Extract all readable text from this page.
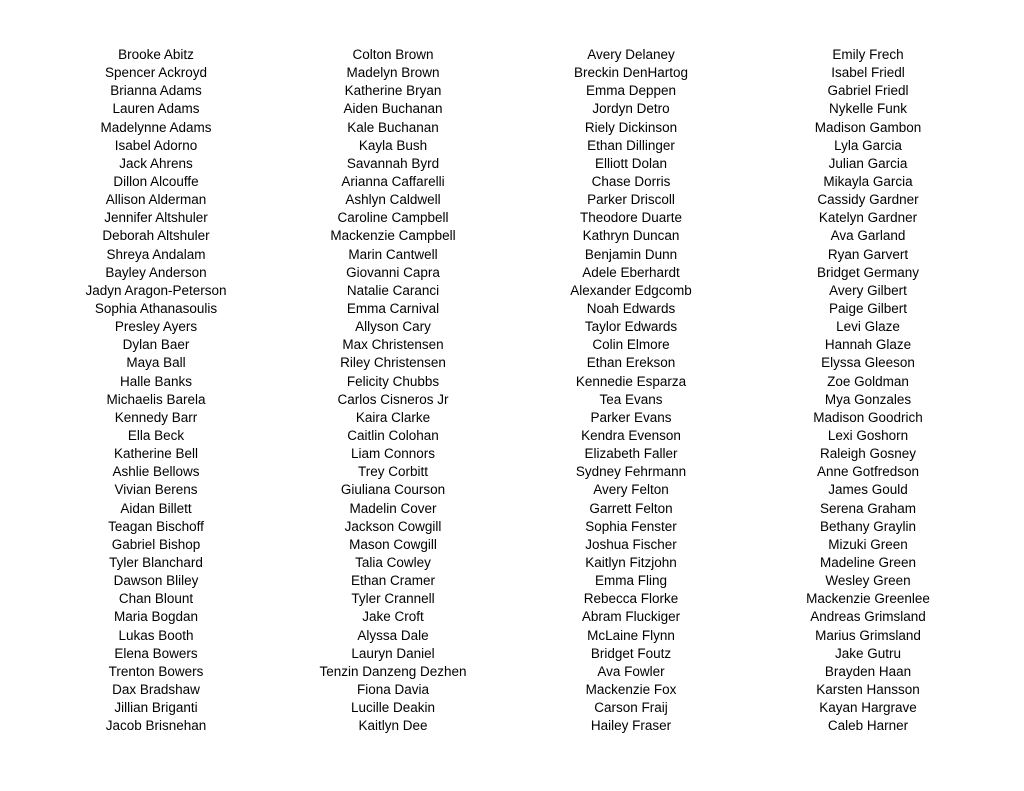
Brooke Abitz
Spencer Ackroyd
Brianna Adams
Lauren Adams
Madelynne Adams
Isabel Adorno
Jack Ahrens
Dillon Alcouffe
Allison Alderman
Jennifer Altshuler
Deborah Altshuler
Shreya Andalam
Bayley Anderson
Jadyn Aragon-Peterson
Sophia Athanasoulis
Presley Ayers
Dylan Baer
Maya Ball
Halle Banks
Michaelis Barela
Kennedy Barr
Ella Beck
Katherine Bell
Ashlie Bellows
Vivian Berens
Aidan Billett
Teagan Bischoff
Gabriel Bishop
Tyler Blanchard
Dawson Bliley
Chan Blount
Maria Bogdan
Lukas Booth
Elena Bowers
Trenton Bowers
Dax Bradshaw
Jillian Briganti
Jacob Brisnehan
Colton Brown
Madelyn Brown
Katherine Bryan
Aiden Buchanan
Kale Buchanan
Kayla Bush
Savannah Byrd
Arianna Caffarelli
Ashlyn Caldwell
Caroline Campbell
Mackenzie Campbell
Marin Cantwell
Giovanni Capra
Natalie Caranci
Emma Carnival
Allyson Cary
Max Christensen
Riley Christensen
Felicity Chubbs
Carlos Cisneros Jr
Kaira Clarke
Caitlin Colohan
Liam Connors
Trey Corbitt
Giuliana Courson
Madelin Cover
Jackson Cowgill
Mason Cowgill
Talia Cowley
Ethan Cramer
Tyler Crannell
Jake Croft
Alyssa Dale
Lauryn Daniel
Tenzin Danzeng Dezhen
Fiona Davia
Lucille Deakin
Kaitlyn Dee
Avery Delaney
Breckin DenHartog
Emma Deppen
Jordyn Detro
Riely Dickinson
Ethan Dillinger
Elliott Dolan
Chase Dorris
Parker Driscoll
Theodore Duarte
Kathryn Duncan
Benjamin Dunn
Adele Eberhardt
Alexander Edgcomb
Noah Edwards
Taylor Edwards
Colin Elmore
Ethan Erekson
Kennedie Esparza
Tea Evans
Parker Evans
Kendra Evenson
Elizabeth Faller
Sydney Fehrmann
Avery Felton
Garrett Felton
Sophia Fenster
Joshua Fischer
Kaitlyn Fitzjohn
Emma Fling
Rebecca Florke
Abram Fluckiger
McLaine Flynn
Bridget Foutz
Ava Fowler
Mackenzie Fox
Carson Fraij
Hailey Fraser
Emily Frech
Isabel Friedl
Gabriel Friedl
Nykelle Funk
Madison Gambon
Lyla Garcia
Julian Garcia
Mikayla Garcia
Cassidy Gardner
Katelyn Gardner
Ava Garland
Ryan Garvert
Bridget Germany
Avery Gilbert
Paige Gilbert
Levi Glaze
Hannah Glaze
Elyssa Gleeson
Zoe Goldman
Mya Gonzales
Madison Goodrich
Lexi Goshorn
Raleigh Gosney
Anne Gotfredson
James Gould
Serena Graham
Bethany Graylin
Mizuki Green
Madeline Green
Wesley Green
Mackenzie Greenlee
Andreas Grimsland
Marius Grimsland
Jake Gutru
Brayden Haan
Karsten Hansson
Kayan Hargrave
Caleb Harner
